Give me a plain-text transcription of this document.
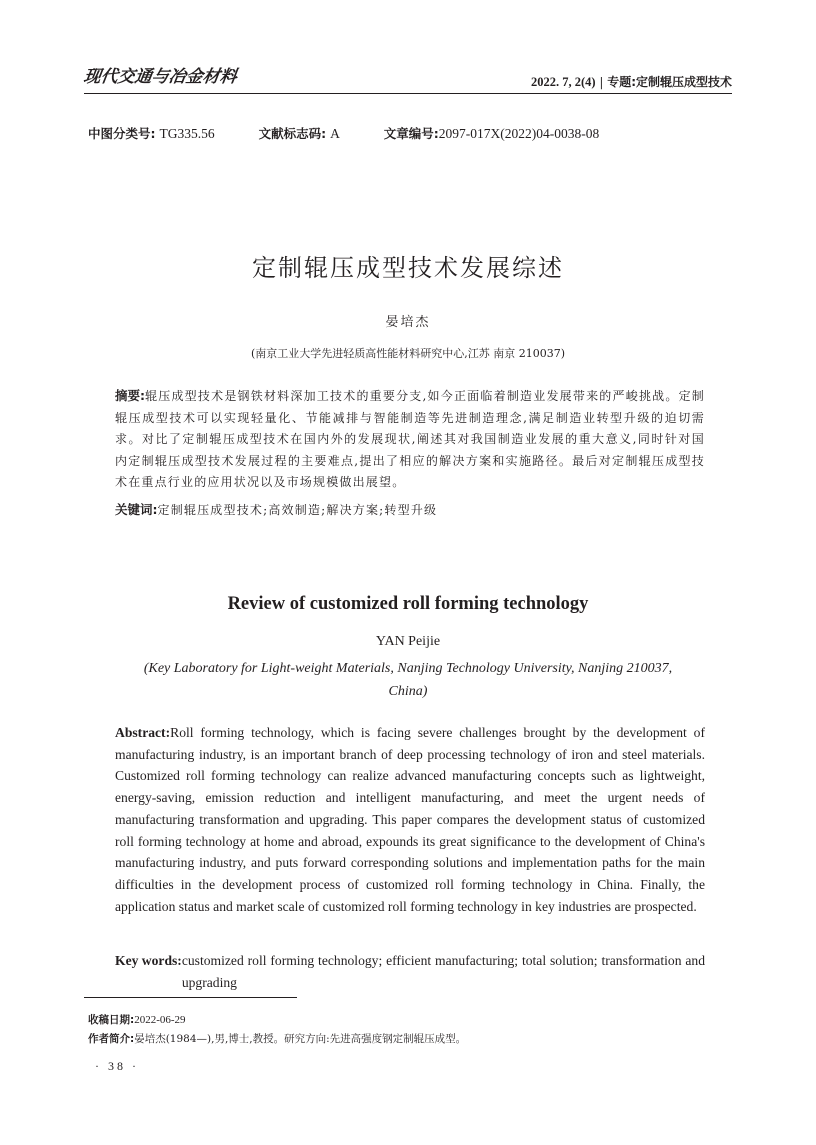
现代交通与冶金材料	2022. 7, 2(4) | 专题:定制辊压成型技术
中图分类号: TG335.56	文献标志码: A	文章编号:2097-017X(2022)04-0038-08
定制辊压成型技术发展综述
晏培杰
(南京工业大学先进轻质高性能材料研究中心,江苏 南京 210037)
摘要:辊压成型技术是钢铁材料深加工技术的重要分支,如今正面临着制造业发展带来的严峻挑战。定制辊压成型技术可以实现轻量化、节能减排与智能制造等先进制造理念,满足制造业转型升级的迫切需求。对比了定制辊压成型技术在国内外的发展现状,阐述其对我国制造业发展的重大意义,同时针对国内定制辊压成型技术发展过程的主要难点,提出了相应的解决方案和实施路径。最后对定制辊压成型技术在重点行业的应用状况以及市场规模做出展望。
关键词:定制辊压成型技术;高效制造;解决方案;转型升级
Review of customized roll forming technology
YAN Peijie
(Key Laboratory for Light-weight Materials, Nanjing Technology University, Nanjing 210037,
China)
Abstract:Roll forming technology, which is facing severe challenges brought by the development of manufacturing industry, is an important branch of deep processing technology of iron and steel materials. Customized roll forming technology can realize advanced manufacturing concepts such as lightweight, energy-saving, emission reduction and intelligent manufacturing, and meet the urgent needs of manufacturing transformation and upgrading. This paper compares the development status of customized roll forming technology at home and abroad, expounds its great significance to the development of China's manufacturing industry, and puts forward corresponding solutions and implementation paths for the main difficulties in the development process of customized roll forming technology in China. Finally, the application status and market scale of customized roll forming technology in key industries are prospected.
Key words: customized roll forming technology; efficient manufacturing; total solution; transformation and upgrading
收稿日期:2022-06-29
作者简介:晏培杰(1984—),男,博士,教授。研究方向:先进高强度钢定制辊压成型。
· 38 ·
